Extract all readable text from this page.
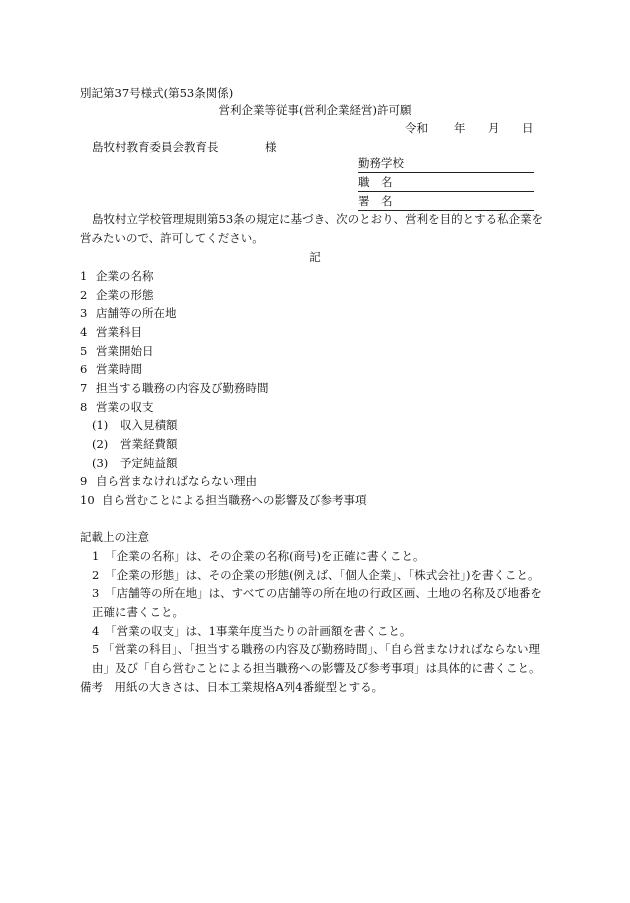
別記第37号様式(第53条関係)
営利企業等従事(営利企業経営)許可願
令和 年 月 日
島牧村教育委員会教育長	様
勤務学校
職　名
署　名
島牧村立学校管理規則第53条の規定に基づき、次のとおり、営利を目的とする私企業を
営みたいので、許可してください。
記
1 企業の名称
2 企業の形態
3 店舗等の所在地
4 営業科目
5 営業開始日
6 営業時間
7 担当する職務の内容及び勤務時間
8 営業の収支
(1) 収入見積額
(2) 営業経費額
(3) 予定純益額
9 自ら営まなければならない理由
10 自ら営むことによる担当職務への影響及び参考事項
記載上の注意
1　「企業の名称」は、その企業の名称(商号)を正確に書くこと。
2　「企業の形態」は、その企業の形態(例えば、「個人企業」、「株式会社」)を書くこと。
3　「店舗等の所在地」は、すべての店舗等の所在地の行政区画、土地の名称及び地番を
正確に書くこと。
4　「営業の収支」は、1事業年度当たりの計画額を書くこと。
5 「営業の科目」、「担当する職務の内容及び勤務時間」、「自ら営まなければならない理
由」及び「自ら営むことによる担当職務への影響及び参考事項」は具体的に書くこと。
備考　用紙の大きさは、日本工業規格A列4番縦型とする。
